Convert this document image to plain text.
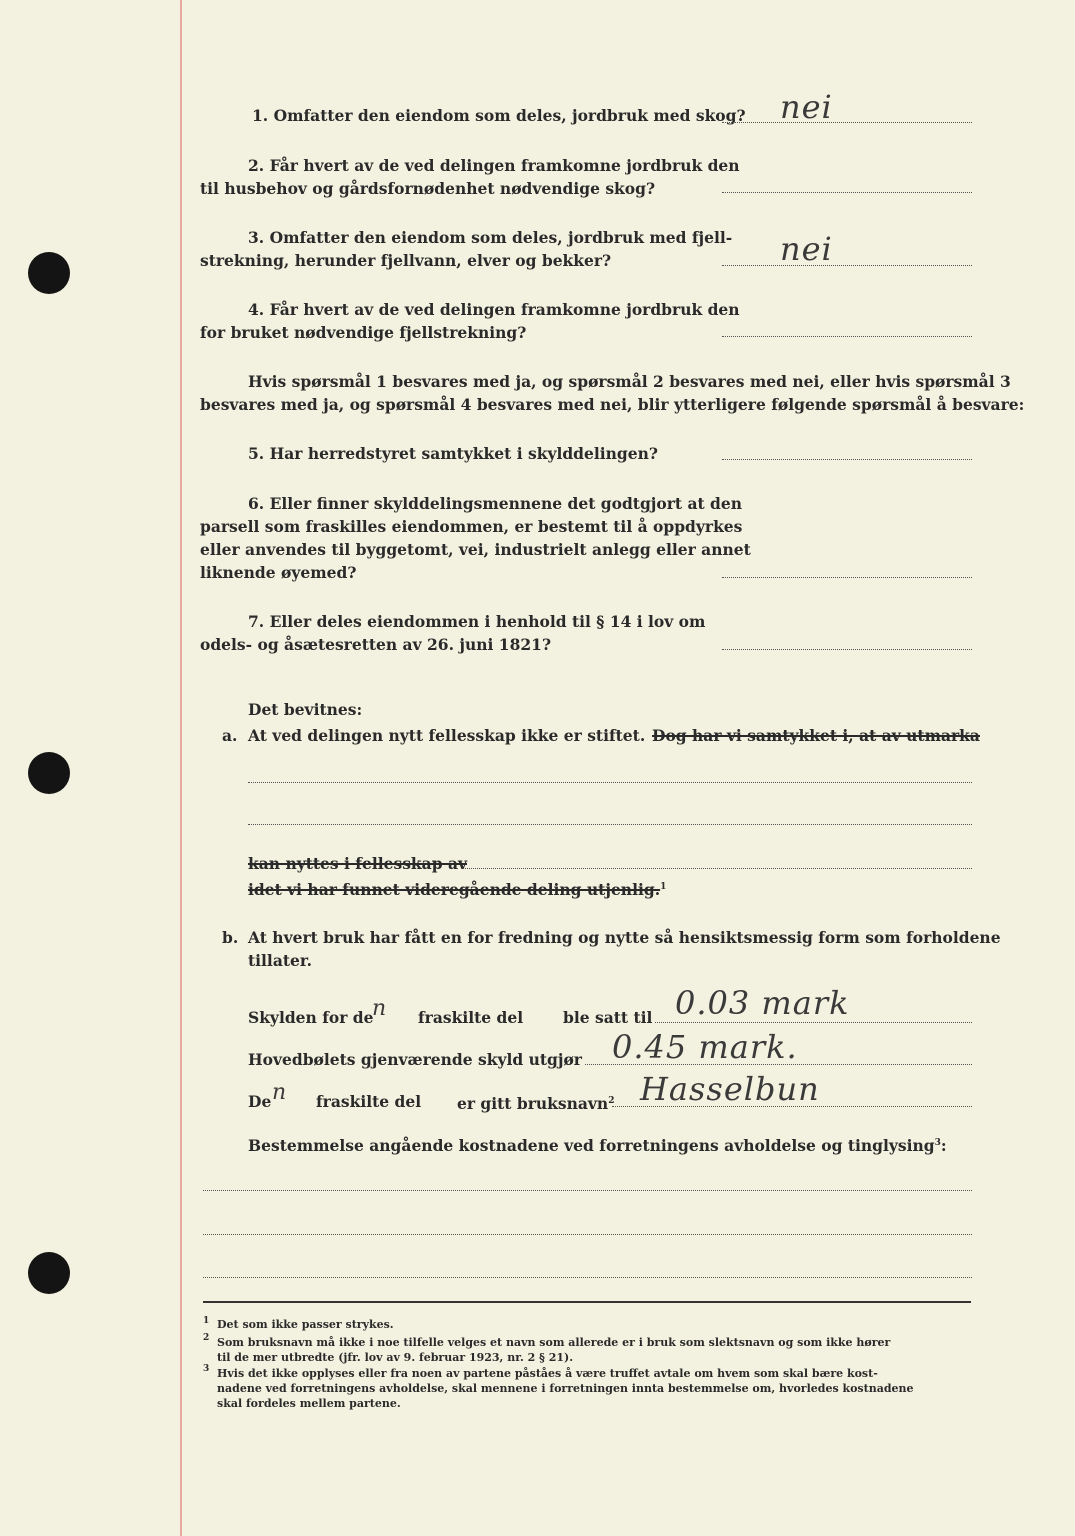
1. Omfatter den eiendom som deles, jordbruk med skog? nei
2. Får hvert av de ved delingen framkomne jordbruk den
til husbehov og gårdsfornødenhet nødvendige skog?
3. Omfatter den eiendom som deles, jordbruk med fjell-
strekning, herunder fjellvann, elver og bekker?	nei
4. Får hvert av de ved delingen framkomne jordbruk den
for bruket nødvendige fjellstrekning?
Hvis spørsmål 1 besvares med ja, og spørsmål 2 besvares med nei, eller hvis spørsmål 3
besvares med ja, og spørsmål 4 besvares med nei, blir ytterligere følgende spørsmål å besvare:
5. Har herredstyret samtykket i skylddelingen?
6. Eller finner skylddelingsmennene det godtgjort at den
parsell som fraskilles eiendommen, er bestemt til å oppdyrkes
eller anvendes til byggetomt, vei, industrielt anlegg eller annet
liknende øyemed?
7. Eller deles eiendommen i henhold til § 14 i lov om
odels- og åsætesretten av 26. juni 1821?
Det bevitnes:
a. At ved delingen nytt fellesskap ikke er stiftet. Dog har vi samtykket i, at av utmarka
kan nyttes i fellesskap av
idet vi har funnet videregående deling utjenlig.$^1$
b. At hvert bruk har fått en for fredning og nytte så hensiktsmessig form som forholdene
tillater.
Skylden for de
n fraskilte del	ble satt til 0.03 mark
Hovedbølets gjenværende skyld utgjør 0.45 mark.
De n fraskilte del er gitt bruksnavn$^2$ Hasselbun
Bestemmelse angående kostnadene ved forretningens avholdelse og tinglysing$^3$:
1 Det som ikke passer strykes.
2 Som bruksnavn må ikke i noe tilfelle velges et navn som allerede er i bruk som slektsnavn og som ikke hører
til de mer utbredte (jfr. lov av 9. februar 1923, nr. 2 § 21).
3 Hvis det ikke opplyses eller fra noen av partene påståes å være truffet avtale om hvem som skal bære kost-
nadene ved forretningens avholdelse, skal mennene i forretningen innta bestemmelse om, hvorledes kostnadene
skal fordeles mellem partene.
